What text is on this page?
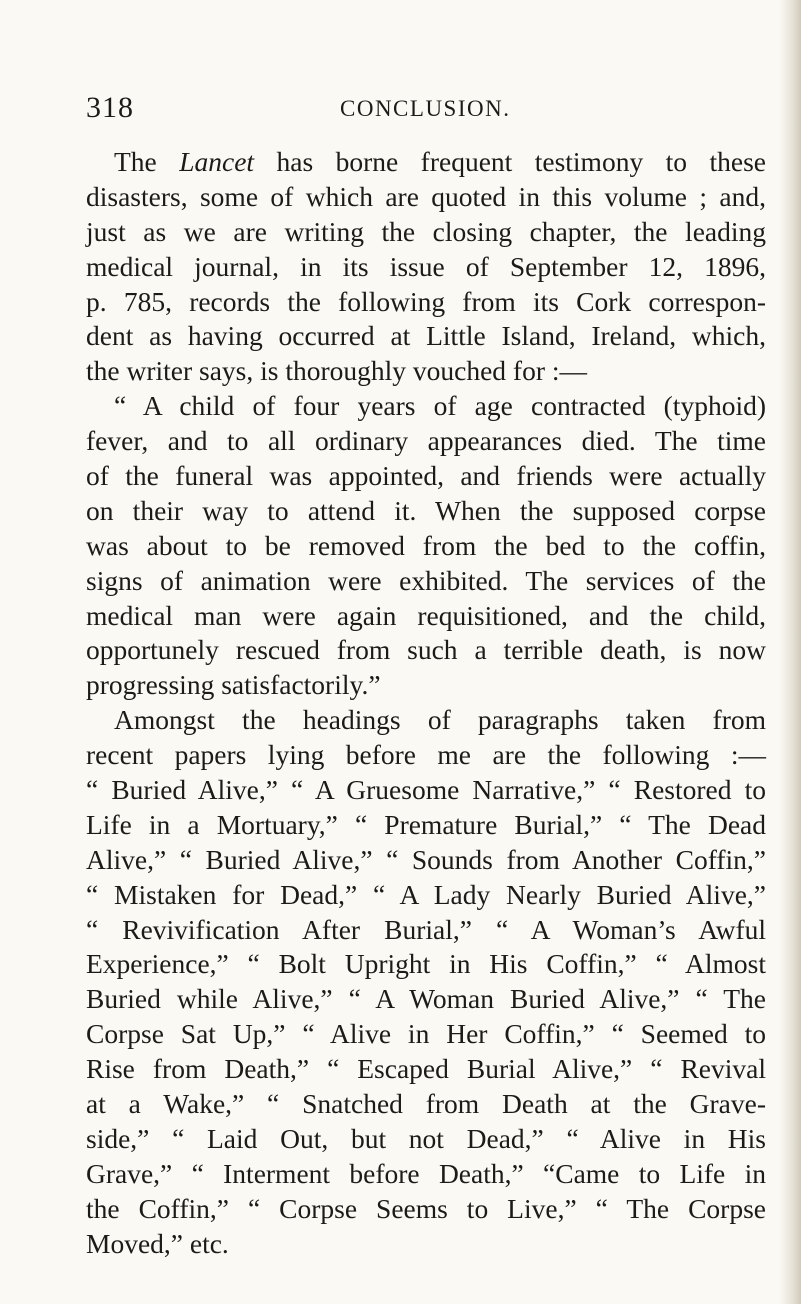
318	CONCLUSION.
The Lancet has borne frequent testimony to these
disasters, some of which are quoted in this volume ; and,
just as we are writing the closing chapter, the leading
medical journal, in its issue of September 12, 1896,
p. 785, records the following from its Cork correspon-
dent as having occurred at Little Island, Ireland, which,
the writer says, is thoroughly vouched for :—
“ A child of four years of age contracted (typhoid)
fever, and to all ordinary appearances died. The time
of the funeral was appointed, and friends were actually
on their way to attend it. When the supposed corpse
was about to be removed from the bed to the coffin,
signs of animation were exhibited. The services of the
medical man were again requisitioned, and the child,
opportunely rescued from such a terrible death, is now
progressing satisfactorily.”
Amongst the headings of paragraphs taken from
recent papers lying before me are the following :—
“ Buried Alive,” “ A Gruesome Narrative,” “ Restored to
Life in a Mortuary,” “ Premature Burial,” “ The Dead
Alive,” “ Buried Alive,” “ Sounds from Another Coffin,”
“ Mistaken for Dead,” “ A Lady Nearly Buried Alive,”
“ Revivification After Burial,” “ A Woman’s Awful
Experience,” “ Bolt Upright in His Coffin,” “ Almost
Buried while Alive,” “ A Woman Buried Alive,” “ The
Corpse Sat Up,” “ Alive in Her Coffin,” “ Seemed to
Rise from Death,” “ Escaped Burial Alive,” “ Revival
at a Wake,” “ Snatched from Death at the Grave-
side,” “ Laid Out, but not Dead,” “ Alive in His
Grave,” “ Interment before Death,” “Came to Life in
the Coffin,” “ Corpse Seems to Live,” “ The Corpse
Moved,” etc.
